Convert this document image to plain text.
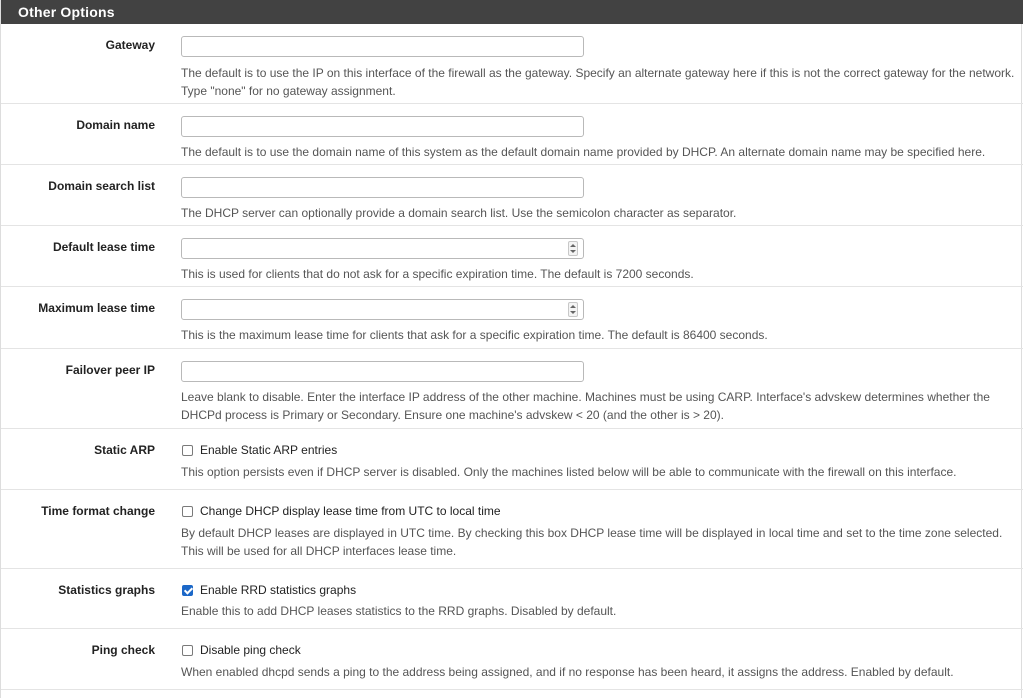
Other Options
Gateway
The default is to use the IP on this interface of the firewall as the gateway. Specify an alternate gateway here if this is not the correct gateway for the network. Type "none" for no gateway assignment.
Domain name
The default is to use the domain name of this system as the default domain name provided by DHCP. An alternate domain name may be specified here.
Domain search list
The DHCP server can optionally provide a domain search list. Use the semicolon character as separator.
Default lease time
This is used for clients that do not ask for a specific expiration time. The default is 7200 seconds.
Maximum lease time
This is the maximum lease time for clients that ask for a specific expiration time. The default is 86400 seconds.
Failover peer IP
Leave blank to disable. Enter the interface IP address of the other machine. Machines must be using CARP. Interface's advskew determines whether the DHCPd process is Primary or Secondary. Ensure one machine's advskew < 20 (and the other is > 20).
Static ARP	Enable Static ARP entries
This option persists even if DHCP server is disabled. Only the machines listed below will be able to communicate with the firewall on this interface.
Time format change	Change DHCP display lease time from UTC to local time
By default DHCP leases are displayed in UTC time. By checking this box DHCP lease time will be displayed in local time and set to the time zone selected. This will be used for all DHCP interfaces lease time.
Statistics graphs	Enable RRD statistics graphs
Enable this to add DHCP leases statistics to the RRD graphs. Disabled by default.
Ping check	Disable ping check
When enabled dhcpd sends a ping to the address being assigned, and if no response has been heard, it assigns the address. Enabled by default.
